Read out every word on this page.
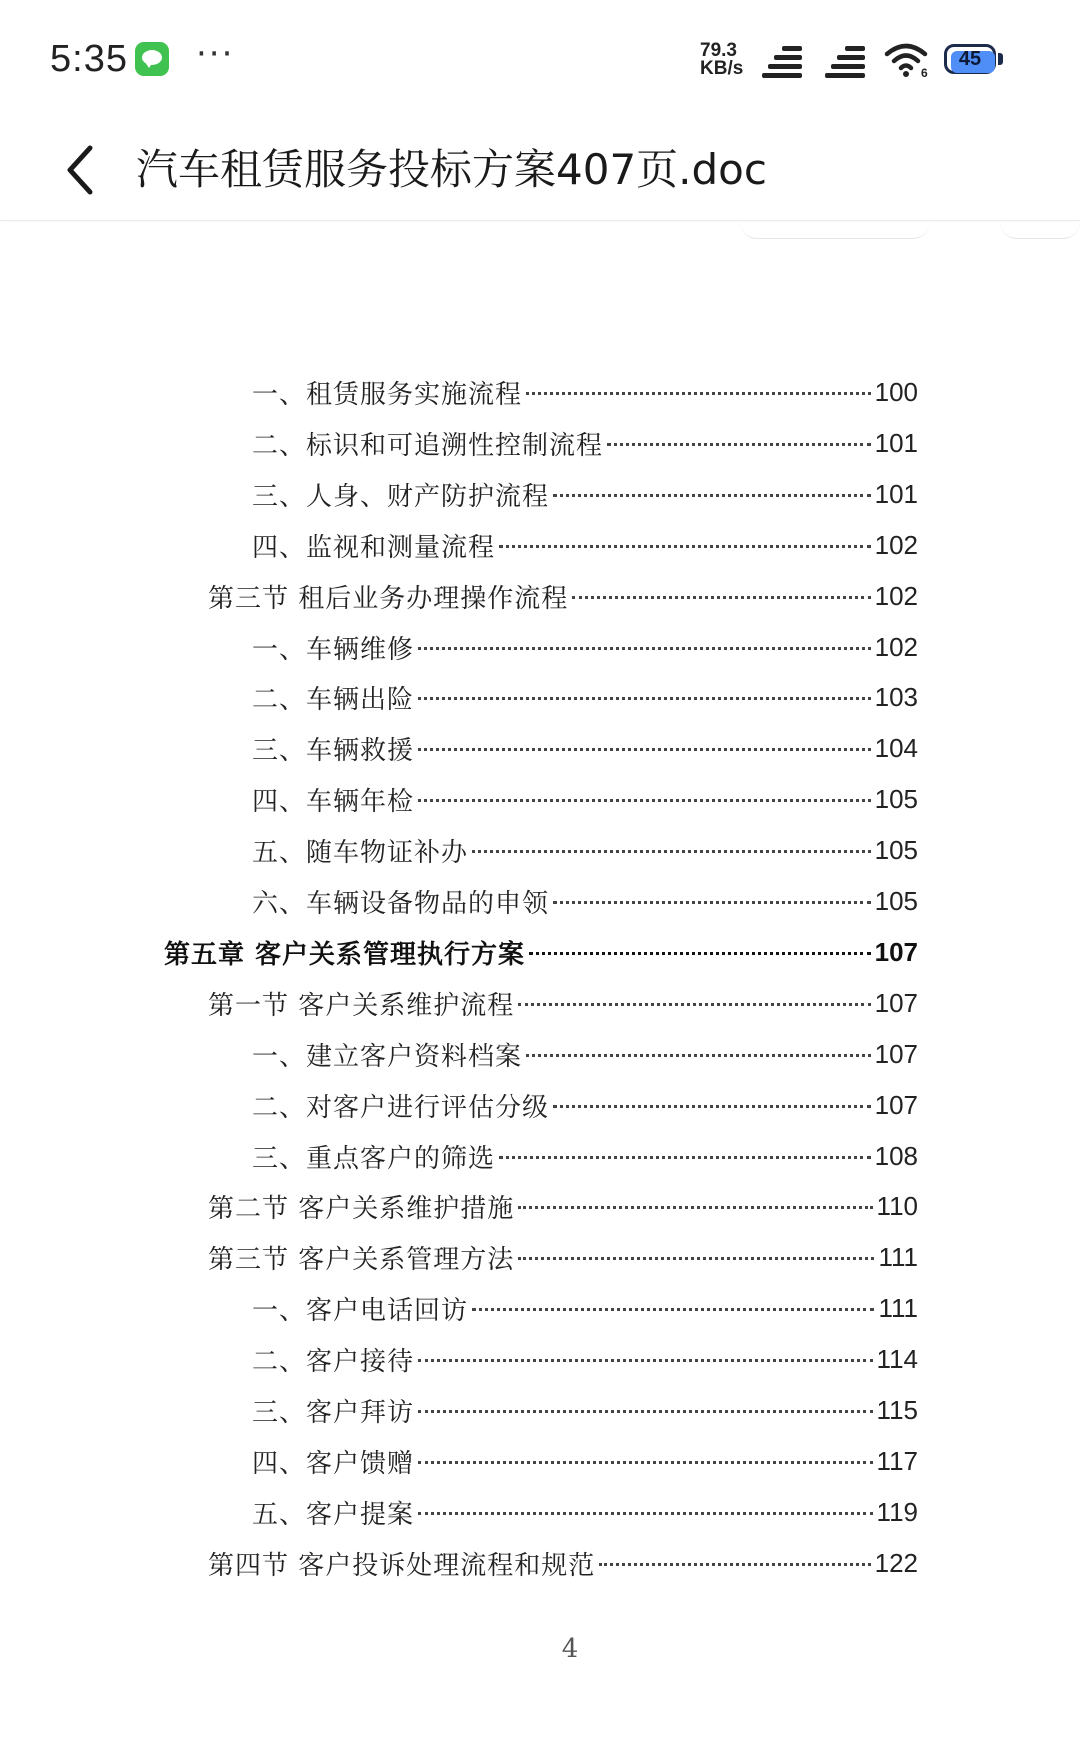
5:35 ···	79.3
KB/s	6
45
汽车租赁服务投标方案407页.doc
一、租赁服务实施流程	100
二、标识和可追溯性控制流程	101
三、人身、财产防护流程	101
四、监视和测量流程	102
第三节 租后业务办理操作流程	102
一、车辆维修	102
二、车辆出险	103
三、车辆救援	104
四、车辆年检	105
五、随车物证补办	105
六、车辆设备物品的申领	105
第五章 客户关系管理执行方案	107
第一节 客户关系维护流程	107
一、建立客户资料档案	107
二、对客户进行评估分级	107
三、重点客户的筛选	108
第二节 客户关系维护措施	110
第三节 客户关系管理方法	111
一、客户电话回访	111
二、客户接待	114
三、客户拜访	115
四、客户馈赠	117
五、客户提案	119
第四节 客户投诉处理流程和规范	122
4
